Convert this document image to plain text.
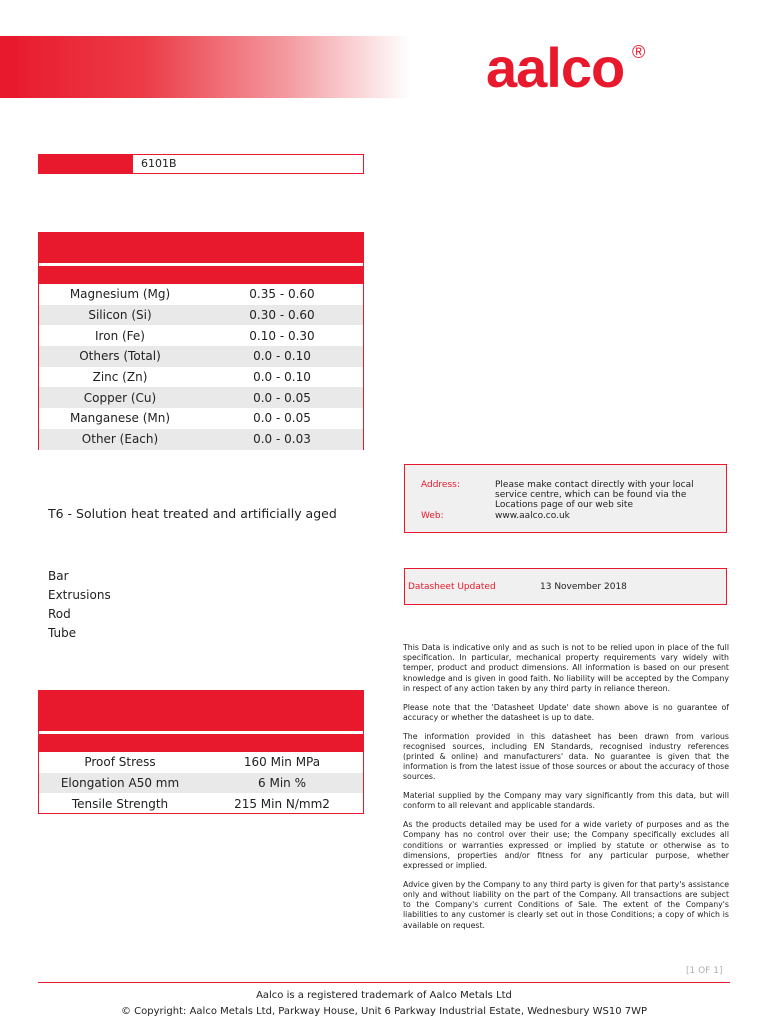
aalco ®
6101B
Magnesium (Mg)	0.35 - 0.60
Silicon (Si)	0.30 - 0.60
Iron (Fe)	0.10 - 0.30
Others (Total)	0.0 - 0.10
Zinc (Zn)	0.0 - 0.10
Copper (Cu)	0.0 - 0.05
Manganese (Mn)	0.0 - 0.05
Other (Each)	0.0 - 0.03
T6 - Solution heat treated and artificially aged
Bar
Extrusions
Rod
Tube
Proof Stress	160 Min MPa
Elongation A50 mm	6 Min %
Tensile Strength	215 Min N/mm2
Address:	Please make contact directly with your local
service centre, which can be found via the
Locations page of our web site
Web:	www.aalco.co.uk
Datasheet Updated	13 November 2018

This Data is indicative only and as such is not to be relied upon in place of the full specification. In particular, mechanical property requirements vary widely with temper, product and product dimensions. All information is based on our present knowledge and is given in good faith. No liability will be accepted by the Company in respect of any action taken by any third party in reliance thereon.

Please note that the 'Datasheet Update' date shown above is no guarantee of accuracy or whether the datasheet is up to date.

The information provided in this datasheet has been drawn from various recognised sources, including EN Standards, recognised industry references (printed & online) and manufacturers' data. No guarantee is given that the information is from the latest issue of those sources or about the accuracy of those sources.

Material supplied by the Company may vary significantly from this data, but will conform to all relevant and applicable standards.

As the products detailed may be used for a wide variety of purposes and as the Company has no control over their use; the Company specifically excludes all conditions or warranties expressed or implied by statute or otherwise as to dimensions, properties and/or fitness for any particular purpose, whether expressed or implied.

Advice given by the Company to any third party is given for that party's assistance only and without liability on the part of the Company. All transactions are subject to the Company's current Conditions of Sale. The extent of the Company's liabilities to any customer is clearly set out in those Conditions; a copy of which is available on request.

[1 OF 1]
Aalco is a registered trademark of Aalco Metals Ltd
© Copyright: Aalco Metals Ltd, Parkway House, Unit 6 Parkway Industrial Estate, Wednesbury WS10 7WP
